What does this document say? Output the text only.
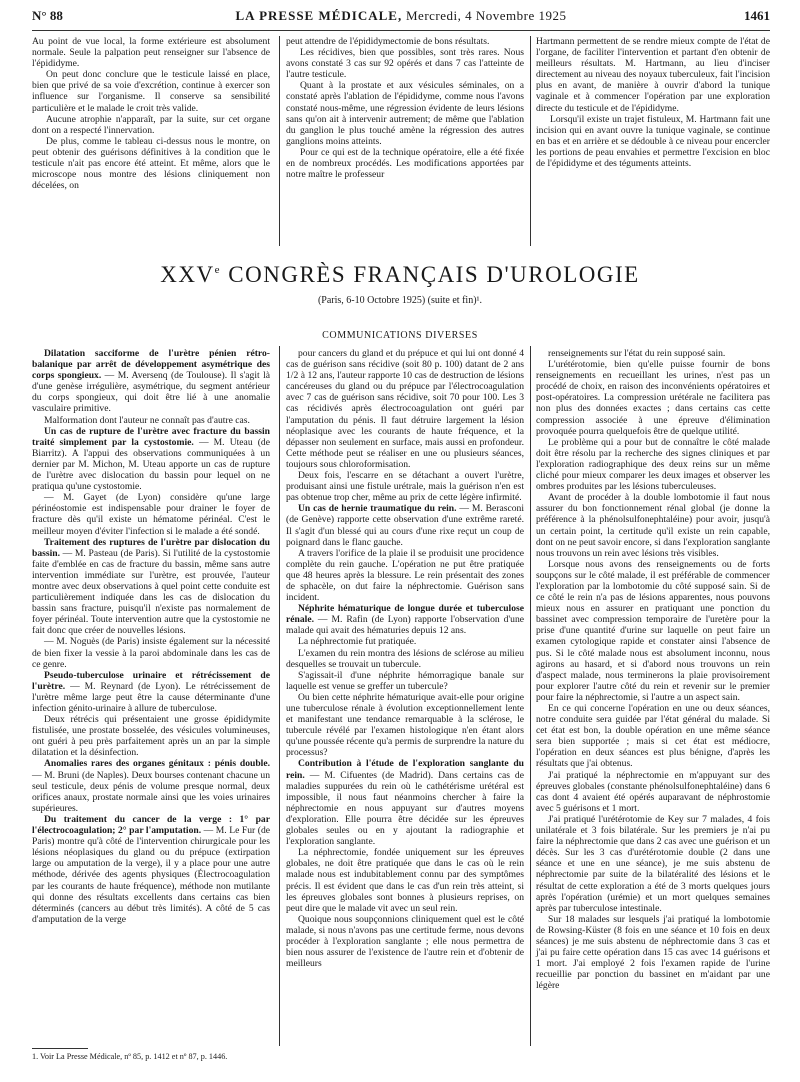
N° 88	LA PRESSE MÉDICALE, Mercredi, 4 Novembre 1925	1461

Au point de vue local, la forme extérieure est absolument normale. Seule la palpation peut renseigner sur l'absence de l'épididyme.

On peut donc conclure que le testicule laissé en place, bien que privé de sa voie d'excrétion, continue à exercer son influence sur l'organisme. Il conserve sa sensibilité particulière et le malade le croit très valide.

Aucune atrophie n'apparaît, par la suite, sur cet organe dont on a respecté l'innervation.

De plus, comme le tableau ci-dessus nous le montre, on peut obtenir des guérisons définitives à la condition que le testicule n'ait pas encore été atteint. Et même, alors que le microscope nous montre des lésions cliniquement non décelées, on

peut attendre de l'épididymectomie de bons résultats.

Les récidives, bien que possibles, sont très rares. Nous avons constaté 3 cas sur 92 opérés et dans 7 cas l'atteinte de l'autre testicule.

Quant à la prostate et aux vésicules séminales, on a constaté après l'ablation de l'épididyme, comme nous l'avons constaté nous-même, une régression évidente de leurs lésions sans qu'on ait à intervenir autrement; de même que l'ablation du ganglion le plus touché amène la régression des autres ganglions moins atteints.

Pour ce qui est de la technique opératoire, elle a été fixée en de nombreux procédés. Les modifications apportées par notre maître le professeur

Hartmann permettent de se rendre mieux compte de l'état de l'organe, de faciliter l'intervention et partant d'en obtenir de meilleurs résultats. M. Hartmann, au lieu d'inciser directement au niveau des noyaux tuberculeux, fait l'incision plus en avant, de manière à ouvrir d'abord la tunique vaginale et à commencer l'opération par une exploration directe du testicule et de l'épididyme.

Lorsqu'il existe un trajet fistuleux, M. Hartmann fait une incision qui en avant ouvre la tunique vaginale, se continue en bas et en arrière et se dédouble à ce niveau pour encercler les portions de peau envahies et permettre l'excision en bloc de l'épididyme et des téguments atteints.

XXVe CONGRÈS FRANÇAIS D'UROLOGIE
(Paris, 6-10 Octobre 1925) (suite et fin)¹.
COMMUNICATIONS DIVERSES

Dilatation sacciforme de l'urètre pénien rétro-balanique par arrêt de développement asymétrique des corps spongieux. — M. Aversenq (de Toulouse). Il s'agit là d'une genèse irrégulière, asymétrique, du segment antérieur du corps spongieux, qui doit être lié à une anomalie vasculaire primitive.

Malformation dont l'auteur ne connaît pas d'autre cas.

Un cas de rupture de l'urètre avec fracture du bassin traité simplement par la cystostomie. — M. Uteau (de Biarritz). A l'appui des observations communiquées à un dernier par M. Michon, M. Uteau apporte un cas de rupture de l'urètre avec dislocation du bassin pour lequel on ne pratiqua qu'une cystostomie.

— M. Gayet (de Lyon) considère qu'une large périnéostomie est indispensable pour drainer le foyer de fracture dès qu'il existe un hématome périnéal. C'est le meilleur moyen d'éviter l'infection si le malade a été sondé.

Traitement des ruptures de l'urètre par dislocation du bassin. — M. Pasteau (de Paris). Si l'utilité de la cystostomie faite d'emblée en cas de fracture du bassin, même sans autre intervention immédiate sur l'urètre, est prouvée, l'auteur montre avec deux observations à quel point cette conduite est particulièrement indiquée dans les cas de dislocation du bassin sans fracture, puisqu'il n'existe pas normalement de foyer périnéal. Toute intervention autre que la cystostomie ne fait donc que créer de nouvelles lésions.

— M. Noguès (de Paris) insiste également sur la nécessité de bien fixer la vessie à la paroi abdominale dans les cas de ce genre.

Pseudo-tuberculose urinaire et rétrécissement de l'urètre. — M. Reynard (de Lyon). Le rétrécissement de l'urètre même large peut être la cause déterminante d'une infection génito-urinaire à allure de tuberculose.

Deux rétrécis qui présentaient une grosse épididymite fistulisée, une prostate bosselée, des vésicules volumineuses, ont guéri à peu près parfaitement après un an par la simple dilatation et la désinfection.

Anomalies rares des organes génitaux : pénis double. — M. Bruni (de Naples). Deux bourses contenant chacune un seul testicule, deux pénis de volume presque normal, deux orifices anaux, prostate normale ainsi que les voies urinaires supérieures.

Du traitement du cancer de la verge : 1° par l'électrocoagulation; 2° par l'amputation. — M. Le Fur (de Paris) montre qu'à côté de l'intervention chirurgicale pour les lésions néoplasiques du gland ou du prépuce (extirpation large ou amputation de la verge), il y a place pour une autre méthode, dérivée des agents physiques (Électrocoagulation par les courants de haute fréquence), méthode non mutilante qui donne des résultats excellents dans certains cas bien déterminés (cancers au début très limités). A côté de 5 cas d'amputation de la verge

pour cancers du gland et du prépuce et qui lui ont donné 4 cas de guérison sans récidive (soit 80 p. 100) datant de 2 ans 1/2 à 12 ans, l'auteur rapporte 10 cas de destruction de lésions cancéreuses du gland ou du prépuce par l'électrocoagulation avec 7 cas de guérison sans récidive, soit 70 pour 100. Les 3 cas récidivés après électrocoagulation ont guéri par l'amputation du pénis. Il faut détruire largement la lésion néoplasique avec les courants de haute fréquence, et la dépasser non seulement en surface, mais aussi en profondeur. Cette méthode peut se réaliser en une ou plusieurs séances, toujours sous chloroformisation.

Deux fois, l'escarre en se détachant a ouvert l'urètre, produisant ainsi une fistule urétrale, mais la guérison n'en est pas obtenue trop cher, même au prix de cette légère infirmité.

Un cas de hernie traumatique du rein. — M. Berasconi (de Genève) rapporte cette observation d'une extrême rareté. Il s'agit d'un blessé qui au cours d'une rixe reçut un coup de poignard dans le flanc gauche.

A travers l'orifice de la plaie il se produisit une procidence complète du rein gauche. L'opération ne put être pratiquée que 48 heures après la blessure. Le rein présentait des zones de sphacèle, on dut faire la néphrectomie. Guérison sans incident.

Néphrite hématurique de longue durée et tuberculose rénale. — M. Rafin (de Lyon) rapporte l'observation d'une malade qui avait des hématuries depuis 12 ans.

La néphrectomie fut pratiquée.

L'examen du rein montra des lésions de sclérose au milieu desquelles se trouvait un tubercule.

S'agissait-il d'une néphrite hémorragique banale sur laquelle est venue se greffer un tubercule?

Ou bien cette néphrite hématurique avait-elle pour origine une tuberculose rénale à évolution exceptionnellement lente et manifestant une tendance remarquable à la sclérose, le tubercule révélé par l'examen histologique n'en étant alors qu'une poussée récente qu'a permis de surprendre la nature du processus?

Contribution à l'étude de l'exploration sanglante du rein. — M. Cifuentes (de Madrid). Dans certains cas de maladies suppurées du rein où le cathétérisme urétéral est impossible, il nous faut néanmoins chercher à faire la néphrectomie en nous appuyant sur d'autres moyens d'exploration. Elle pourra être décidée sur les épreuves globales seules ou en y ajoutant la radiographie et l'exploration sanglante.

La néphrectomie, fondée uniquement sur les épreuves globales, ne doit être pratiquée que dans le cas où le rein malade nous est indubitablement connu par des symptômes précis. Il est évident que dans le cas d'un rein très atteint, si les épreuves globales sont bonnes à plusieurs reprises, on peut dire que le malade vit avec un seul rein.

Quoique nous soupçonnions cliniquement quel est le côté malade, si nous n'avons pas une certitude ferme, nous devons procéder à l'exploration sanglante ; elle nous permettra de bien nous assurer de l'existence de l'autre rein et d'obtenir de meilleurs

renseignements sur l'état du rein supposé sain.

L'urétérotomie, bien qu'elle puisse fournir de bons renseignements en recueillant les urines, n'est pas un procédé de choix, en raison des inconvénients opératoires et post-opératoires. La compression urétérale ne facilitera pas non plus des données exactes ; dans certains cas cette compression associée à une épreuve d'élimination provoquée pourra quelquefois être de quelque utilité.

Le problème qui a pour but de connaître le côté malade doit être résolu par la recherche des signes cliniques et par l'exploration radiographique des deux reins sur un même cliché pour mieux comparer les deux images et observer les ombres produites par les lésions tuberculeuses.

Avant de procéder à la double lombotomie il faut nous assurer du bon fonctionnement rénal global (je donne la préférence à la phénolsulfonephtaléine) pour avoir, jusqu'à un certain point, la certitude qu'il existe un rein capable, dont on ne peut savoir encore, si dans l'exploration sanglante nous trouvons un rein avec lésions très visibles.

Lorsque nous avons des renseignements ou de forts soupçons sur le côté malade, il est préférable de commencer l'exploration par la lombotomie du côté supposé sain. Si de ce côté le rein n'a pas de lésions apparentes, nous pouvons mieux nous en assurer en pratiquant une ponction du bassinet avec compression temporaire de l'uretère pour la prise d'une quantité d'urine sur laquelle on peut faire un examen cytologique rapide et constater ainsi l'absence de pus. Si le côté malade nous est absolument inconnu, nous agirons au hasard, et si d'abord nous trouvons un rein d'aspect malade, nous terminerons la plaie provisoirement pour explorer l'autre côté du rein et revenir sur le premier pour faire la néphrectomie, si l'autre a un aspect sain.

En ce qui concerne l'opération en une ou deux séances, notre conduite sera guidée par l'état général du malade. Si cet état est bon, la double opération en une même séance sera bien supportée ; mais si cet état est médiocre, l'opération en deux séances est plus bénigne, d'après les résultats que j'ai obtenus.

J'ai pratiqué la néphrectomie en m'appuyant sur des épreuves globales (constante phénolsulfonephtaléine) dans 6 cas dont 4 avaient été opérés auparavant de néphrostomie avec 5 guérisons et 1 mort.

J'ai pratiqué l'urétérotomie de Key sur 7 malades, 4 fois unilatérale et 3 fois bilatérale. Sur les premiers je n'ai pu faire la néphrectomie que dans 2 cas avec une guérison et un décès. Sur les 3 cas d'urétérotomie double (2 dans une séance et une en une séance), je me suis abstenu de néphrectomie par suite de la bilatéralité des lésions et le résultat de cette exploration a été de 3 morts quelques jours après l'opération (urémie) et un mort quelques semaines après par tuberculose intestinale.

Sur 18 malades sur lesquels j'ai pratiqué la lombotomie de Rowsing-Küster (8 fois en une séance et 10 fois en deux séances) je me suis abstenu de néphrectomie dans 3 cas et j'ai pu faire cette opération dans 15 cas avec 14 guérisons et 1 mort. J'ai employé 2 fois l'examen rapide de l'urine recueillie par ponction du bassinet en m'aidant par une légère

1. Voir La Presse Médicale, nº 85, p. 1412 et nº 87, p. 1446.
